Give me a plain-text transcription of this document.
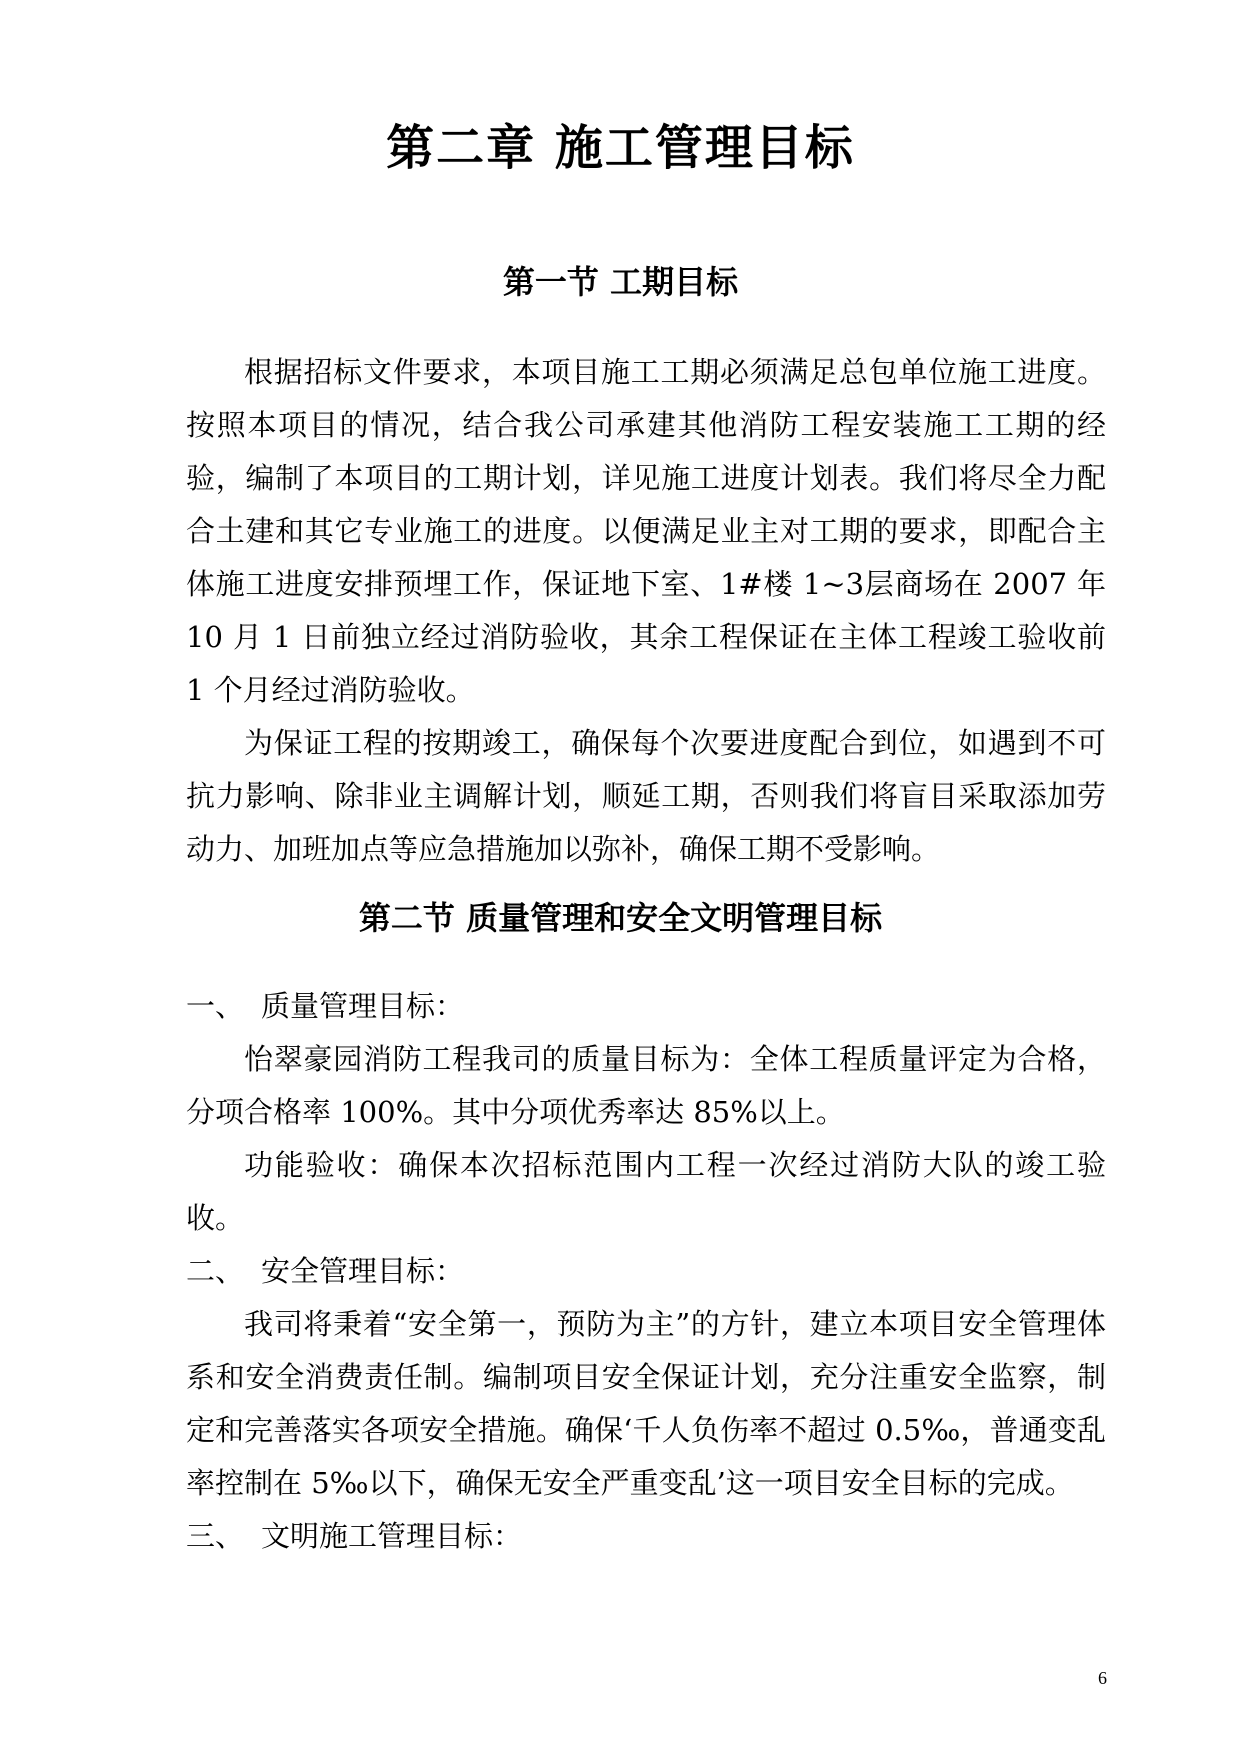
第二章 施工管理目标
第一节 工期目标

根据招标文件要求，本项目施工工期必须满足总包单位施工进度。按照本项目的情况，结合我公司承建其他消防工程安装施工工期的经验，编制了本项目的工期计划，详见施工进度计划表。我们将尽全力配合土建和其它专业施工的进度。以便满足业主对工期的要求，即配合主体施工进度安排预埋工作，保证地下室、1#楼 1~3层商场在 2007 年 10 月 1 日前独立经过消防验收，其余工程保证在主体工程竣工验收前 1 个月经过消防验收。

为保证工程的按期竣工，确保每个次要进度配合到位，如遇到不可抗力影响、除非业主调解计划，顺延工期，否则我们将盲目采取添加劳动力、加班加点等应急措施加以弥补，确保工期不受影响。

第二节 质量管理和安全文明管理目标

一、 质量管理目标：

怡翠豪园消防工程我司的质量目标为：全体工程质量评定为合格，分项合格率 100%。其中分项优秀率达 85%以上。

功能验收：确保本次招标范围内工程一次经过消防大队的竣工验收。

二、 安全管理目标：

我司将秉着“安全第一，预防为主”的方针，建立本项目安全管理体系和安全消费责任制。编制项目安全保证计划，充分注重安全监察，制定和完善落实各项安全措施。确保‘千人负伤率不超过 0.5‰，普通变乱率控制在 5‰以下，确保无安全严重变乱’这一项目安全目标的完成。

三、 文明施工管理目标：

6
